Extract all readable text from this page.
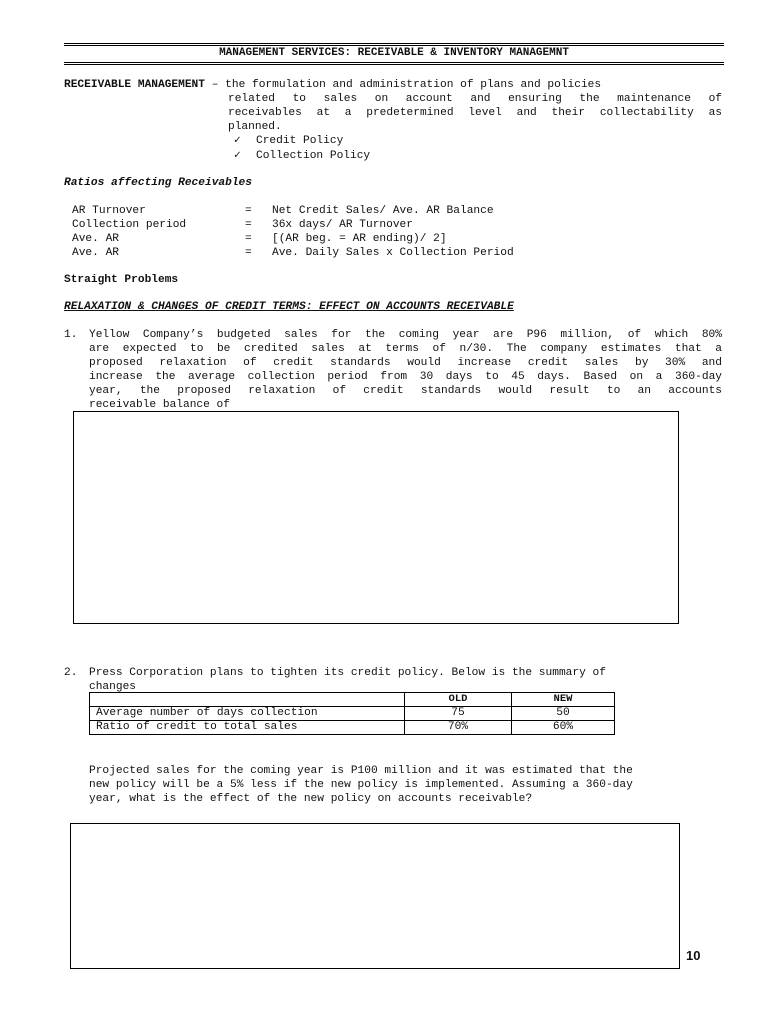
MANAGEMENT SERVICES: RECEIVABLE & INVENTORY MANAGEMNT
RECEIVABLE MANAGEMENT – the formulation and administration of plans and policies
related to sales on account and ensuring the maintenance of
receivables at a predetermined level and their collectability as
planned.
✓ Credit Policy
✓ Collection Policy
Ratios affecting Receivables
AR Turnover	= Net Credit Sales/ Ave. AR Balance
Collection period	= 36x days/ AR Turnover
Ave. AR	= [(AR beg. = AR ending)/ 2]
Ave. AR	= Ave. Daily Sales x Collection Period
Straight Problems
RELAXATION & CHANGES OF CREDIT TERMS: EFFECT ON ACCOUNTS RECEIVABLE
1. Yellow Company’s budgeted sales for the coming year are P96 million, of which 80%
are expected to be credited sales at terms of n/30. The company estimates that a
proposed relaxation of credit standards would increase credit sales by 30% and
increase the average collection period from 30 days to 45 days. Based on a 360-day
year, the proposed relaxation of credit standards would result to an accounts
receivable balance of
2. Press Corporation plans to tighten its credit policy. Below is the summary of
changes
	OLD	NEW
Average number of days collection	75	50
Ratio of credit to total sales	70%	60%
Projected sales for the coming year is P100 million and it was estimated that the
new policy will be a 5% less if the new policy is implemented. Assuming a 360-day
year, what is the effect of the new policy on accounts receivable?
10
